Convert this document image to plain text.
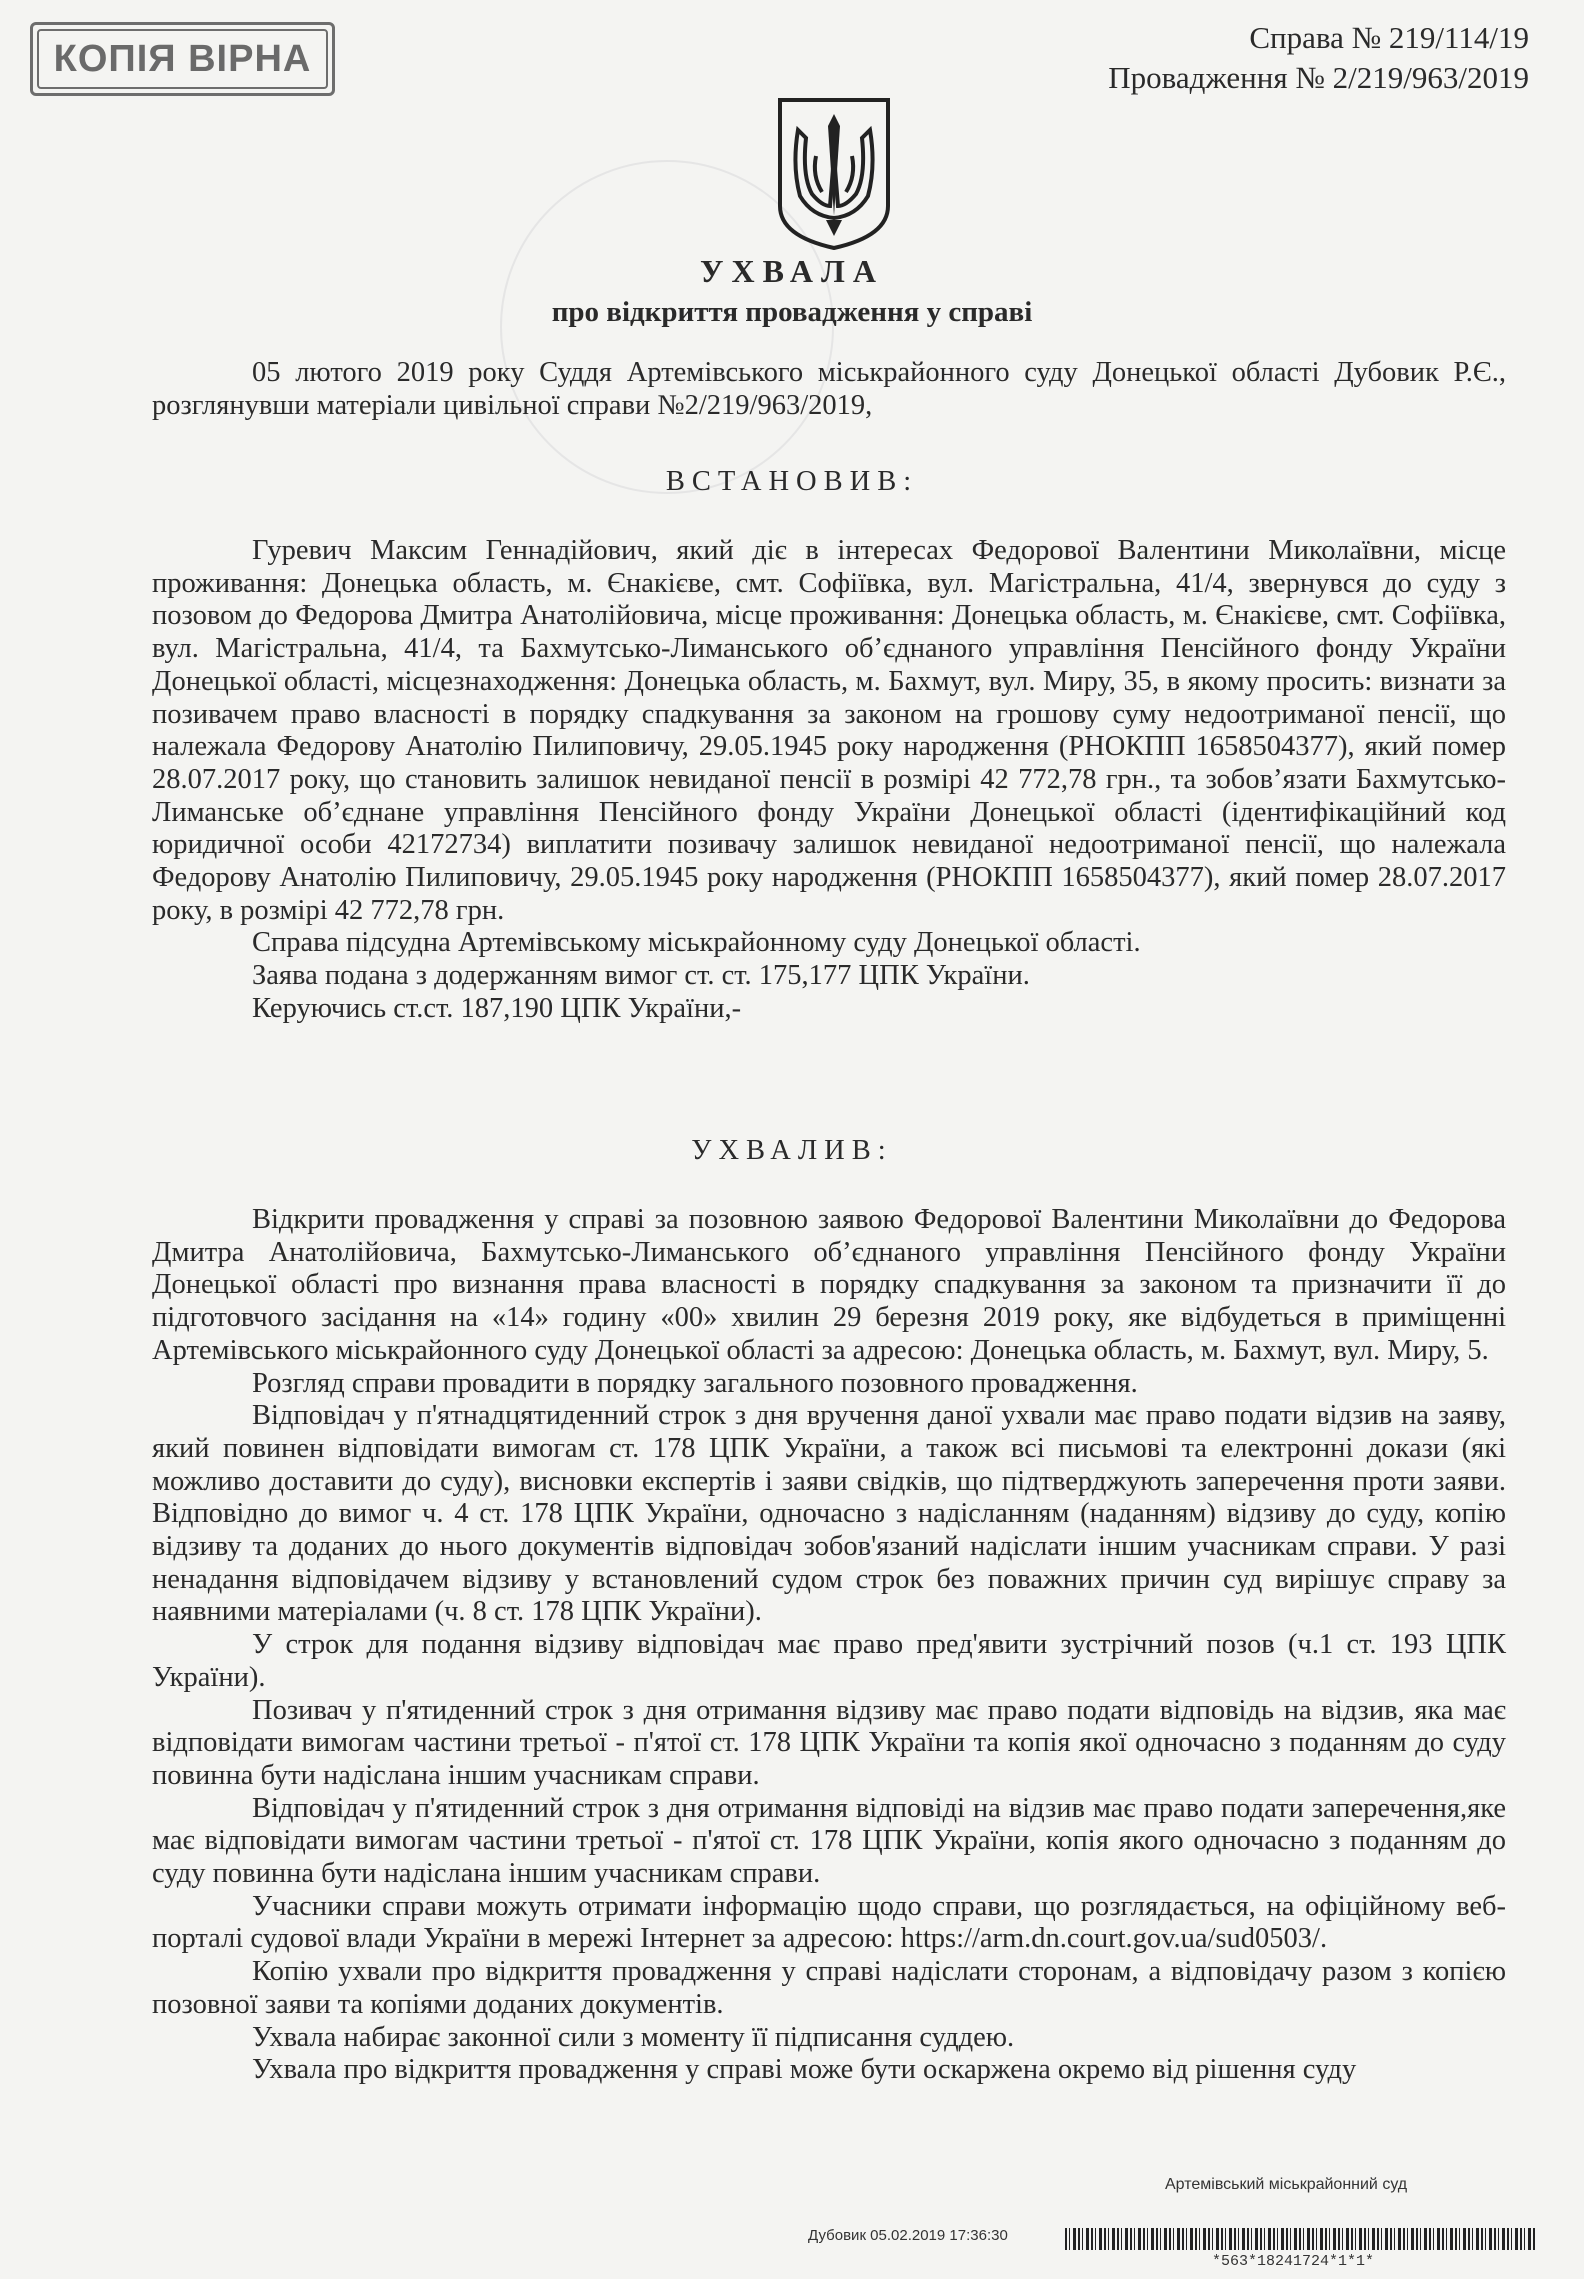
КОПІЯ ВІРНА	Справа № 219/114/19
Провадження № 2/219/963/2019
УХВАЛА
про відкриття провадження у справі

05 лютого 2019 року Суддя Артемівського міськрайонного суду Донецької області Дубовик Р.Є., розглянувши матеріали цивільної справи №2/219/963/2019,

ВСТАНОВИВ:

Гуревич Максим Геннадійович, який діє в інтересах Федорової Валентини Миколаївни, місце проживання: Донецька область, м. Єнакієве, смт. Софіївка, вул. Магістральна, 41/4, звернувся до суду з позовом до Федорова Дмитра Анатолійовича, місце проживання: Донецька область, м. Єнакієве, смт. Софіївка, вул. Магістральна, 41/4, та Бахмутсько-Лиманського об’єднаного управління Пенсійного фонду України Донецької області, місцезнаходження: Донецька область, м. Бахмут, вул. Миру, 35, в якому просить: визнати за позивачем право власності в порядку спадкування за законом на грошову суму недоотриманої пенсії, що належала Федорову Анатолію Пилиповичу, 29.05.1945 року народження (РНОКПП 1658504377), який помер 28.07.2017 року, що становить залишок невиданої пенсії в розмірі 42 772,78 грн., та зобов’язати Бахмутсько-Лиманське об’єднане управління Пенсійного фонду України Донецької області (ідентифікаційний код юридичної особи 42172734) виплатити позивачу залишок невиданої недоотриманої пенсії, що належала Федорову Анатолію Пилиповичу, 29.05.1945 року народження (РНОКПП 1658504377), який помер 28.07.2017 року, в розмірі 42 772,78 грн.

Справа підсудна Артемівському міськрайонному суду Донецької області.

Заява подана з додержанням вимог ст. ст. 175,177 ЦПК України.

Керуючись ст.ст. 187,190 ЦПК України,-

УХВАЛИВ:

Відкрити провадження у справі за позовною заявою Федорової Валентини Миколаївни до Федорова Дмитра Анатолійовича, Бахмутсько-Лиманського об’єднаного управління Пенсійного фонду України Донецької області про визнання права власності в порядку спадкування за законом та призначити її до підготовчого засідання на «14» годину «00» хвилин 29 березня 2019 року, яке відбудеться в приміщенні Артемівського міськрайонного суду Донецької області за адресою: Донецька область, м. Бахмут, вул. Миру, 5.

Розгляд справи провадити в порядку загального позовного провадження.

Відповідач у п'ятнадцятиденний строк з дня вручення даної ухвали має право подати відзив на заяву, який повинен відповідати вимогам ст. 178 ЦПК України, а також всі письмові та електронні докази (які можливо доставити до суду), висновки експертів і заяви свідків, що підтверджують заперечення проти заяви. Відповідно до вимог ч. 4 ст. 178 ЦПК України, одночасно з надісланням (наданням) відзиву до суду, копію відзиву та доданих до нього документів відповідач зобов'язаний надіслати іншим учасникам справи. У разі ненадання відповідачем відзиву у встановлений судом строк без поважних причин суд вирішує справу за наявними матеріалами (ч. 8 ст. 178 ЦПК України).

У строк для подання відзиву відповідач має право пред'явити зустрічний позов (ч.1 ст. 193 ЦПК України).

Позивач у п'ятиденний строк з дня отримання відзиву має право подати відповідь на відзив, яка має відповідати вимогам частини третьої - п'ятої ст. 178 ЦПК України та копія якої одночасно з поданням до суду повинна бути надіслана іншим учасникам справи.

Відповідач у п'ятиденний строк з дня отримання відповіді на відзив має право подати заперечення,яке має відповідати вимогам частини третьої - п'ятої ст. 178 ЦПК України, копія якого одночасно з поданням до суду повинна бути надіслана іншим учасникам справи.

Учасники справи можуть отримати інформацію щодо справи, що розглядається, на офіційному веб-порталі судової влади України в мережі Інтернет за адресою: https://arm.dn.court.gov.ua/sud0503/.

Копію ухвали про відкриття провадження у справі надіслати сторонам, а відповідачу разом з копією позовної заяви та копіями доданих документів.

Ухвала набирає законної сили з моменту її підписання суддею.

Ухвала про відкриття провадження у справі може бути оскаржена окремо від рішення суду

Артемівський міськрайонний суд
Дубовик 05.02.2019 17:36:30
*563*18241724*1*1*
